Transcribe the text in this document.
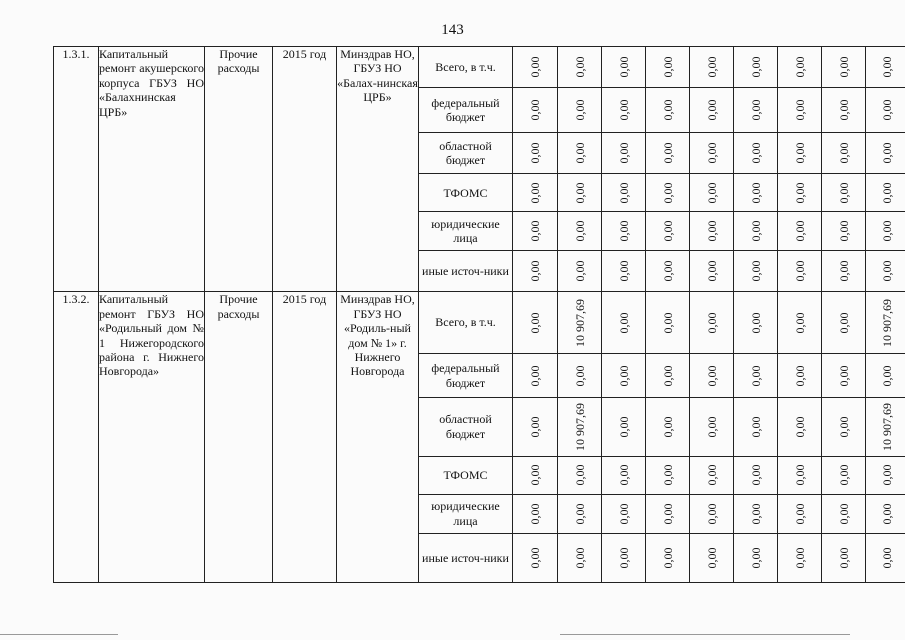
143
1.3.1.	Капитальный ремонт акушерского корпуса ГБУЗ НО «Балахнинская ЦРБ»	Прочие расходы	2015 год	Минздрав НО, ГБУЗ НО «Балах-нинская ЦРБ»	Всего, в т.ч.	0,00	0,00	0,00	0,00	0,00	0,00	0,00	0,00	0,00

					федеральный бюджет	0,00	0,00	0,00	0,00	0,00	0,00	0,00	0,00	0,00

					областной бюджет	0,00	0,00	0,00	0,00	0,00	0,00	0,00	0,00	0,00

					ТФОМС	0,00	0,00	0,00	0,00	0,00	0,00	0,00	0,00	0,00

					юридические лица	0,00	0,00	0,00	0,00	0,00	0,00	0,00	0,00	0,00

					иные источ-ники	0,00	0,00	0,00	0,00	0,00	0,00	0,00	0,00	0,00

1.3.2.	Капитальный ремонт ГБУЗ НО «Родильный дом № 1 Нижегородского района г. Нижнего Новгорода»	Прочие расходы	2015 год	Минздрав НО, ГБУЗ НО «Родиль-ный дом № 1» г. Нижнего Новгорода	Всего, в т.ч.	0,00	10 907,69	0,00	0,00	0,00	0,00	0,00	0,00	10 907,69

					федеральный бюджет	0,00	0,00	0,00	0,00	0,00	0,00	0,00	0,00	0,00

					областной бюджет	0,00	10 907,69	0,00	0,00	0,00	0,00	0,00	0,00	10 907,69

					ТФОМС	0,00	0,00	0,00	0,00	0,00	0,00	0,00	0,00	0,00

					юридические лица	0,00	0,00	0,00	0,00	0,00	0,00	0,00	0,00	0,00

					иные источ-ники	0,00	0,00	0,00	0,00	0,00	0,00	0,00	0,00	0,00
